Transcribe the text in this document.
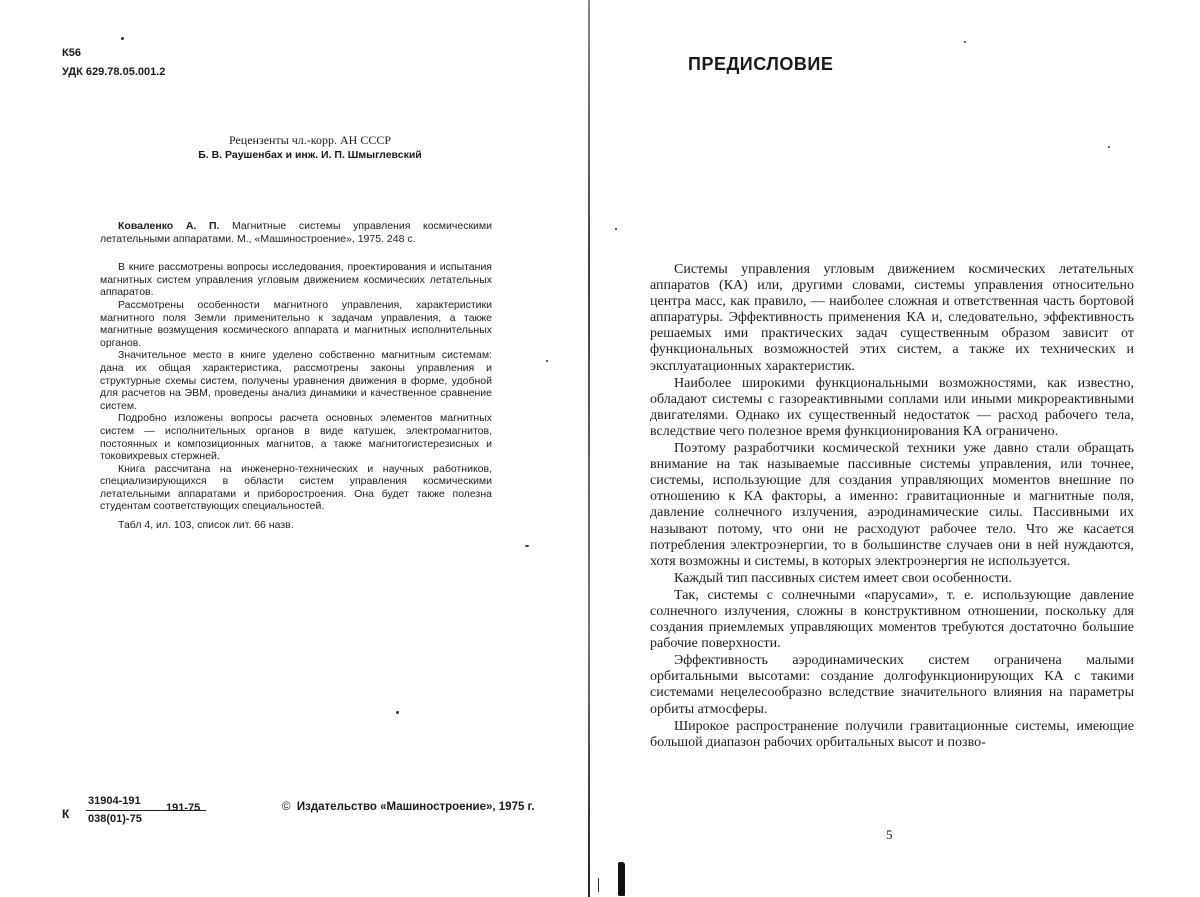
К56
УДК 629.78.05.001.2
Рецензенты чл.-корр. АН СССР
Б. В. Раушенбах и инж. И. П. Шмыглевский

Коваленко А. П. Магнитные системы управления космическими летательными аппаратами. М., «Машиностроение», 1975. 248 с.

В книге рассмотрены вопросы исследования, проектирования и испытания магнитных систем управления угловым движением космических летательных аппаратов.

Рассмотрены особенности магнитного управления, характеристики магнитного поля Земли применительно к задачам управления, а также магнитные возмущения космического аппарата и магнитных исполнительных органов.

Значительное место в книге уделено собственно магнитным системам: дана их общая характеристика, рассмотрены законы управления и структурные схемы систем, получены уравнения движения в форме, удобной для расчетов на ЭВМ, проведены анализ динамики и качественное сравнение систем.

Подробно изложены вопросы расчета основных элементов магнитных систем — исполнительных органов в виде катушек, электромагнитов, постоянных и композиционных магнитов, а также магнитогистерезисных и токовихревых стержней.

Книга рассчитана на инженерно-технических и научных работников, специализирующихся в области систем управления космическими летательными аппаратами и приборостроения. Она будет также полезна студентам соответствующих специальностей.

Табл 4, ил. 103, список лит. 66 назв.

К
31904-191
038(01)-75
191-75	© Издательство «Машиностроение», 1975 г.
ПРЕДИСЛОВИЕ

Системы управления угловым движением космических летательных аппаратов (КА) или, другими словами, системы управления относительно центра масс, как правило, — наиболее сложная и ответственная часть бортовой аппаратуры. Эффективность применения КА и, следовательно, эффективность решаемых ими практических задач существенным образом зависит от функциональных возможностей этих систем, а также их технических и эксплуатационных характеристик.

Наиболее широкими функциональными возможностями, как известно, обладают системы с газореактивными соплами или иными микрореактивными двигателями. Однако их существенный недостаток — расход рабочего тела, вследствие чего полезное время функционирования КА ограничено.

Поэтому разработчики космической техники уже давно стали обращать внимание на так называемые пассивные системы управления, или точнее, системы, использующие для создания управляющих моментов внешние по отношению к КА факторы, а именно: гравитационные и магнитные поля, давление солнечного излучения, аэродинамические силы. Пассивными их называют потому, что они не расходуют рабочее тело. Что же касается потребления электроэнергии, то в большинстве случаев они в ней нуждаются, хотя возможны и системы, в которых электроэнергия не используется.

Каждый тип пассивных систем имеет свои особенности.

Так, системы с солнечными «парусами», т. е. использующие давление солнечного излучения, сложны в конструктивном отношении, поскольку для создания приемлемых управляющих моментов требуются достаточно большие рабочие поверхности.

Эффективность аэродинамических систем ограничена малыми орбитальными высотами: создание долгофункционирующих КА с такими системами нецелесообразно вследствие значительного влияния на параметры орбиты атмосферы.

Широкое распространение получили гравитационные системы, имеющие большой диапазон рабочих орбитальных высот и позво-

5
